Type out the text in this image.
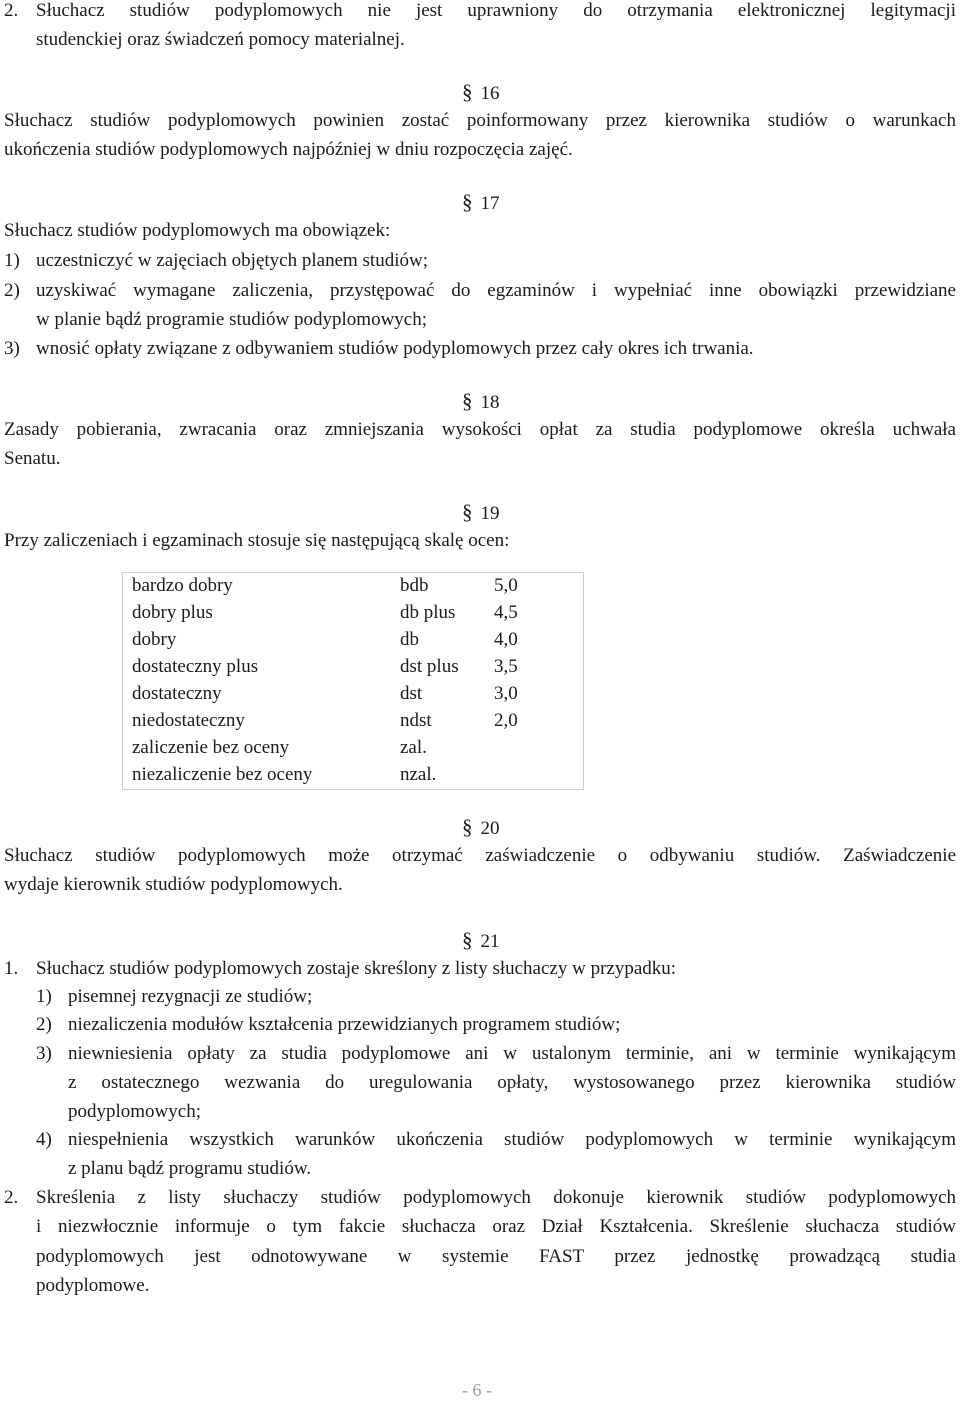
2. Słuchacz studiów podyplomowych nie jest uprawniony do otrzymania elektronicznej legitymacji
studenckiej oraz świadczeń pomocy materialnej.
§ 16
Słuchacz studiów podyplomowych powinien zostać poinformowany przez kierownika studiów o warunkach
ukończenia studiów podyplomowych najpóźniej w dniu rozpoczęcia zajęć.
§ 17
Słuchacz studiów podyplomowych ma obowiązek:
1) uczestniczyć w zajęciach objętych planem studiów;
2) uzyskiwać wymagane zaliczenia, przystępować do egzaminów i wypełniać inne obowiązki przewidziane
w planie bądź programie studiów podyplomowych;
3) wnosić opłaty związane z odbywaniem studiów podyplomowych przez cały okres ich trwania.
§ 18
Zasady pobierania, zwracania oraz zmniejszania wysokości opłat za studia podyplomowe określa uchwała
Senatu.
§ 19
Przy zaliczeniach i egzaminach stosuje się następującą skalę ocen:
bardzo dobry	bdb	5,0
dobry plus	db plus 4,5
dobry	db	4,0
dostateczny plus	dst plus 3,5
dostateczny	dst	3,0
niedostateczny	ndst	2,0
zaliczenie bez oceny	zal.
niezaliczenie bez oceny	nzal.
§ 20
Słuchacz studiów podyplomowych może otrzymać zaświadczenie o odbywaniu studiów. Zaświadczenie
wydaje kierownik studiów podyplomowych.
§ 21
1. Słuchacz studiów podyplomowych zostaje skreślony z listy słuchaczy w przypadku:
1) pisemnej rezygnacji ze studiów;
2) niezaliczenia modułów kształcenia przewidzianych programem studiów;
3) niewniesienia opłaty za studia podyplomowe ani w ustalonym terminie, ani w terminie wynikającym
z ostatecznego wezwania do uregulowania opłaty, wystosowanego przez kierownika studiów
podyplomowych;
4) niespełnienia wszystkich warunków ukończenia studiów podyplomowych w terminie wynikającym
z planu bądź programu studiów.
2. Skreślenia z listy słuchaczy studiów podyplomowych dokonuje kierownik studiów podyplomowych
i niezwłocznie informuje o tym fakcie słuchacza oraz Dział Kształcenia. Skreślenie słuchacza studiów
podyplomowych jest odnotowywane w systemie FAST przez jednostkę prowadzącą studia
podyplomowe.
- 6 -
